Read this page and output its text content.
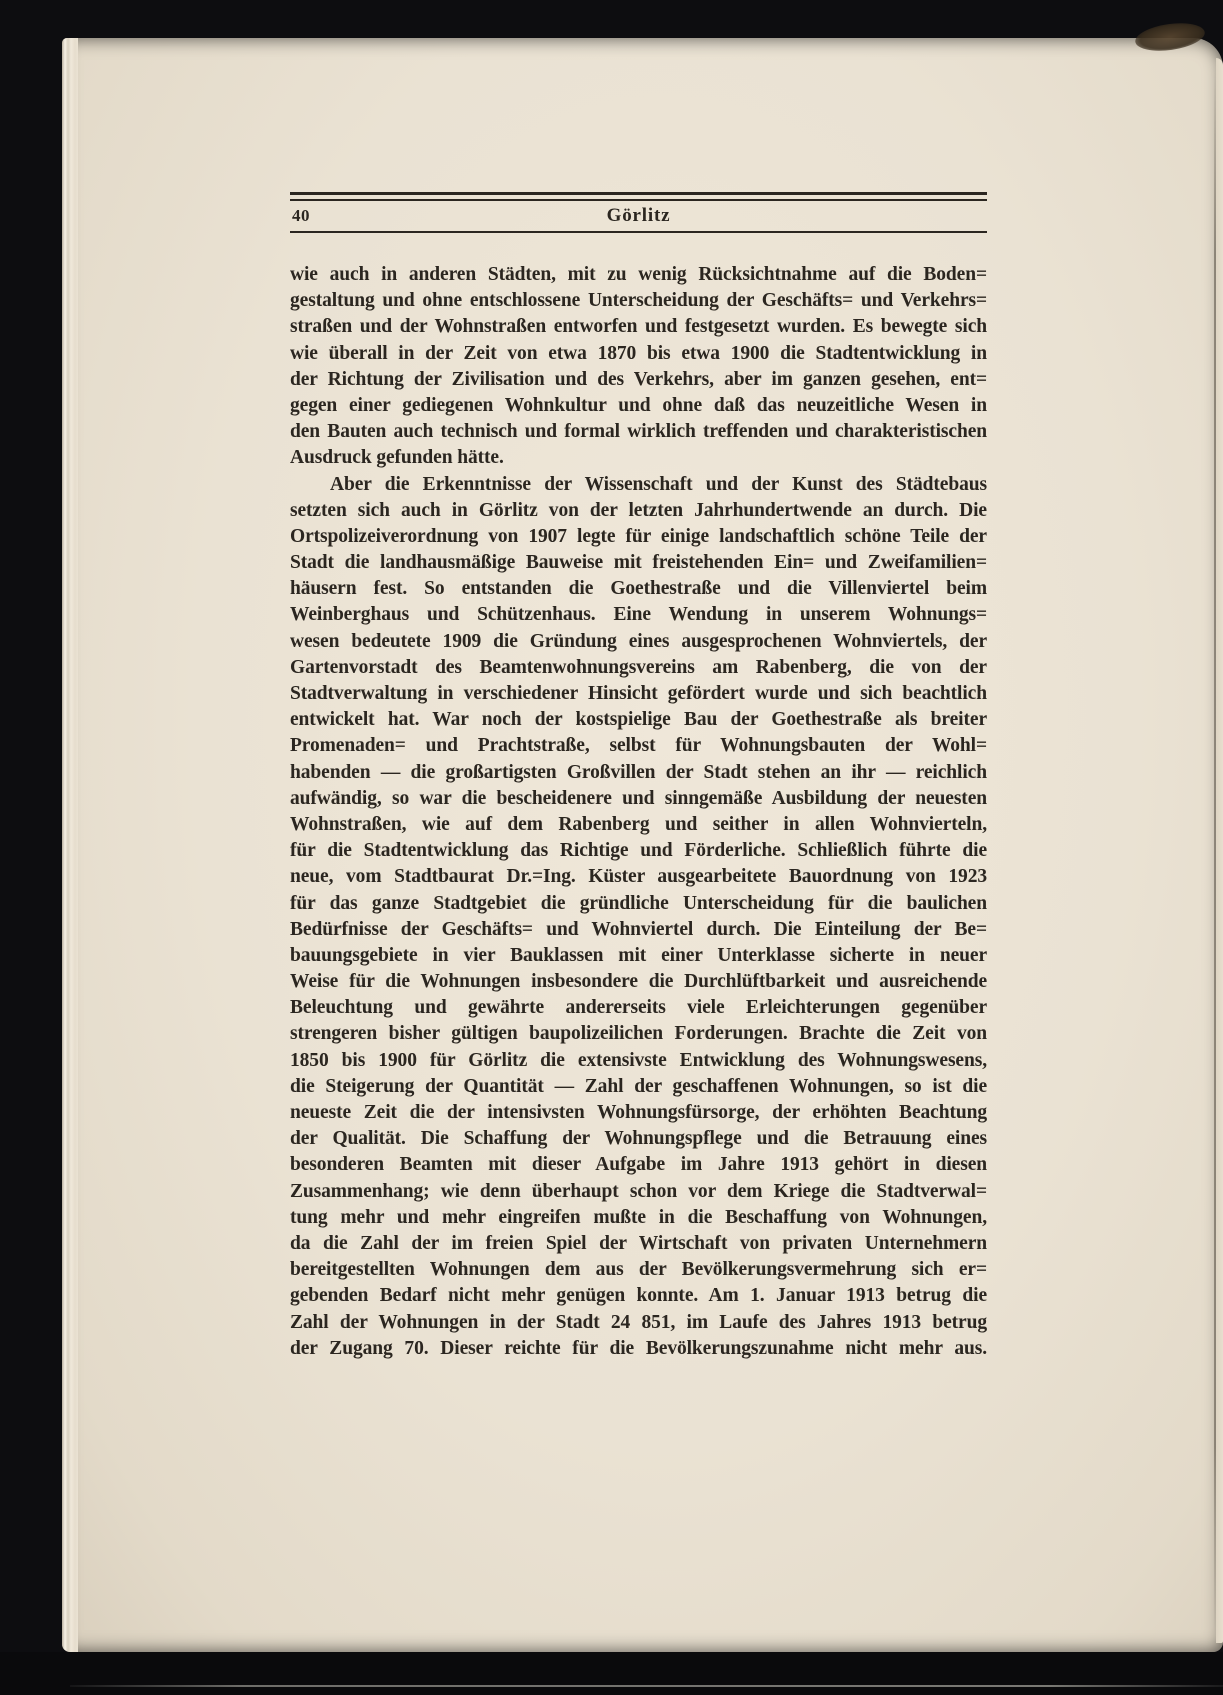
40	Görlitz

wie auch in anderen Städten, mit zu wenig Rücksichtnahme auf die Boden=
gestaltung und ohne entschlossene Unterscheidung der Geschäfts= und Verkehrs=
straßen und der Wohnstraßen entworfen und festgesetzt wurden. Es bewegte sich
wie überall in der Zeit von etwa 1870 bis etwa 1900 die Stadtentwicklung in
der Richtung der Zivilisation und des Verkehrs, aber im ganzen gesehen, ent=
gegen einer gediegenen Wohnkultur und ohne daß das neuzeitliche Wesen in
den Bauten auch technisch und formal wirklich treffenden und charakteristischen
Ausdruck gefunden hätte.

Aber die Erkenntnisse der Wissenschaft und der Kunst des Städtebaus
setzten sich auch in Görlitz von der letzten Jahrhundertwende an durch. Die
Ortspolizeiverordnung von 1907 legte für einige landschaftlich schöne Teile der
Stadt die landhausmäßige Bauweise mit freistehenden Ein= und Zweifamilien=
häusern fest. So entstanden die Goethestraße und die Villenviertel beim
Weinberghaus und Schützenhaus. Eine Wendung in unserem Wohnungs=
wesen bedeutete 1909 die Gründung eines ausgesprochenen Wohnviertels, der
Gartenvorstadt des Beamtenwohnungsvereins am Rabenberg, die von der
Stadtverwaltung in verschiedener Hinsicht gefördert wurde und sich beachtlich
entwickelt hat. War noch der kostspielige Bau der Goethestraße als breiter
Promenaden= und Prachtstraße, selbst für Wohnungsbauten der Wohl=
habenden — die großartigsten Großvillen der Stadt stehen an ihr — reichlich
aufwändig, so war die bescheidenere und sinngemäße Ausbildung der neuesten
Wohnstraßen, wie auf dem Rabenberg und seither in allen Wohnvierteln,
für die Stadtentwicklung das Richtige und Förderliche. Schließlich führte die
neue, vom Stadtbaurat Dr.=Ing. Küster ausgearbeitete Bauordnung von 1923
für das ganze Stadtgebiet die gründliche Unterscheidung für die baulichen
Bedürfnisse der Geschäfts= und Wohnviertel durch. Die Einteilung der Be=
bauungsgebiete in vier Bauklassen mit einer Unterklasse sicherte in neuer
Weise für die Wohnungen insbesondere die Durchlüftbarkeit und ausreichende
Beleuchtung und gewährte andererseits viele Erleichterungen gegenüber
strengeren bisher gültigen baupolizeilichen Forderungen. Brachte die Zeit von
1850 bis 1900 für Görlitz die extensivste Entwicklung des Wohnungswesens,
die Steigerung der Quantität — Zahl der geschaffenen Wohnungen, so ist die
neueste Zeit die der intensivsten Wohnungsfürsorge, der erhöhten Beachtung
der Qualität. Die Schaffung der Wohnungspflege und die Betrauung eines
besonderen Beamten mit dieser Aufgabe im Jahre 1913 gehört in diesen
Zusammenhang; wie denn überhaupt schon vor dem Kriege die Stadtverwal=
tung mehr und mehr eingreifen mußte in die Beschaffung von Wohnungen,
da die Zahl der im freien Spiel der Wirtschaft von privaten Unternehmern
bereitgestellten Wohnungen dem aus der Bevölkerungsvermehrung sich er=
gebenden Bedarf nicht mehr genügen konnte. Am 1. Januar 1913 betrug die
Zahl der Wohnungen in der Stadt 24 851, im Laufe des Jahres 1913 betrug
der Zugang 70. Dieser reichte für die Bevölkerungszunahme nicht mehr aus.
